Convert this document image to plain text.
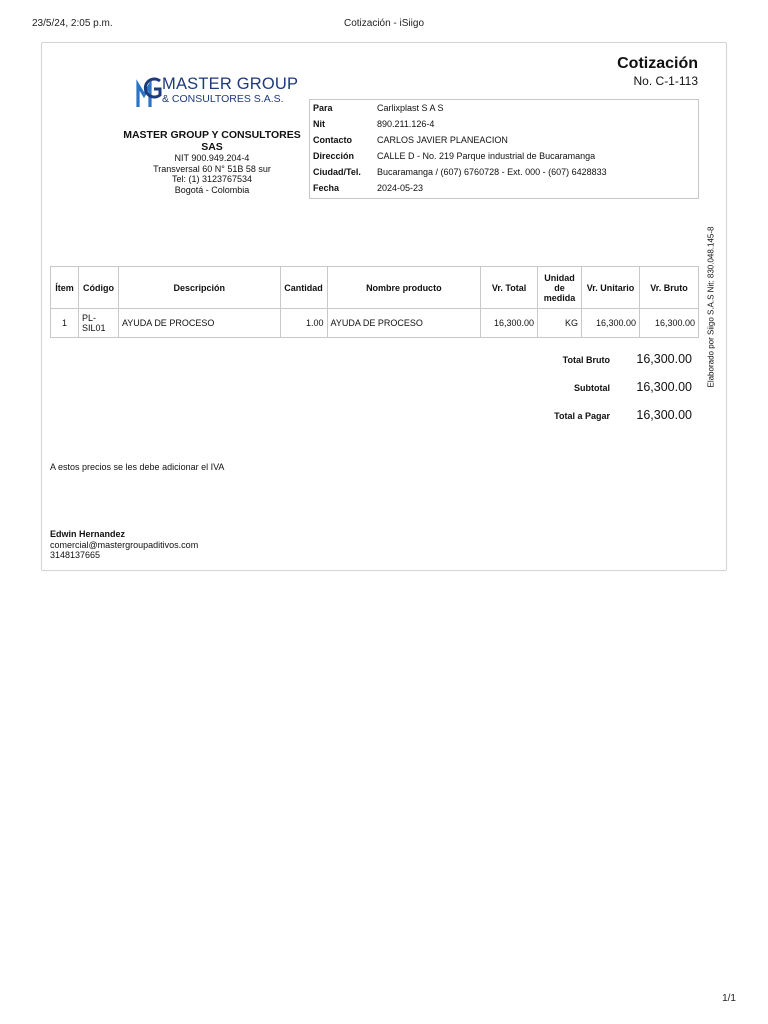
23/5/24, 2:05 p.m.	Cotización - iSiigo
MASTER GROUP
& CONSULTORES S.A.S.
MASTER GROUP Y CONSULTORES SAS
NIT 900.949.204-4
Transversal 60 N° 51B 58 sur
Tel: (1) 3123767534
Bogotá - Colombia
Cotización
No. C-1-113
Para	Carlixplast S A S
Nit	890.211.126-4
Contacto	CARLOS JAVIER PLANEACION
Dirección	CALLE D - No. 219 Parque industrial de Bucaramanga
Ciudad/Tel. Bucaramanga / (607) 6760728 - Ext. 000 - (607) 6428833
Fecha	2024-05-23
Elaborado por Siigo S.A.S Nit: 830.048.145-8
Ítem	Código	Descripción	Cantidad	Nombre producto	Vr. Total	Unidad de medida	Vr. Unitario	Vr. Bruto
1	PL-SIL01	AYUDA DE PROCESO	1.00	AYUDA DE PROCESO	16,300.00	KG	16,300.00	16,300.00
Total Bruto 16,300.00
Subtotal 16,300.00
Total a Pagar 16,300.00
A estos precios se les debe adicionar el IVA
Edwin Hernandez
comercial@mastergroupaditivos.com
3148137665
1/1
